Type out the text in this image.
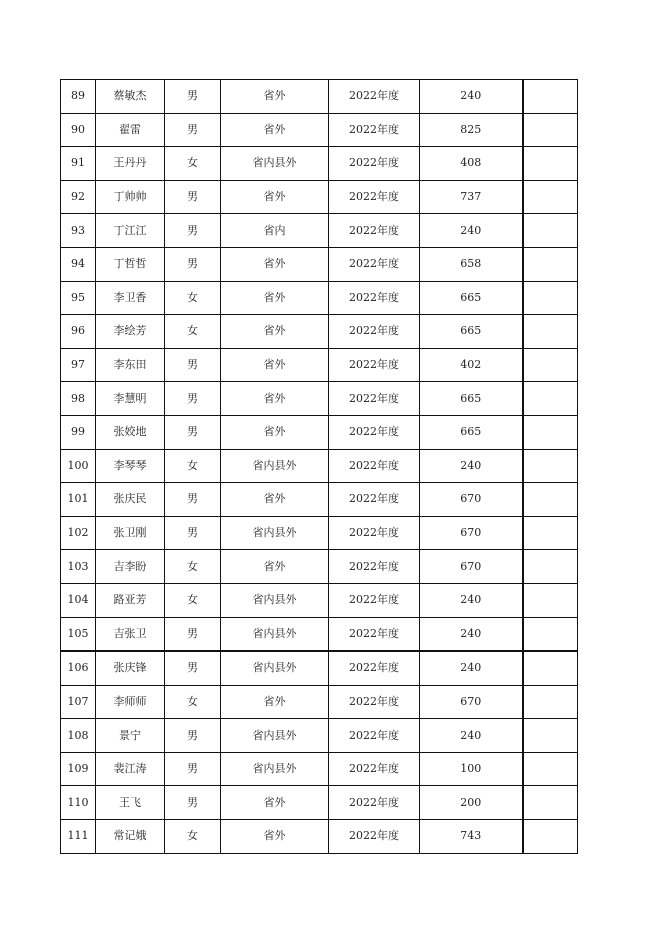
89	蔡敏杰	男	省外	2022年度	240	
90	翟雷	男	省外	2022年度	825	
91	王丹丹	女	省内县外	2022年度	408	
92	丁帅帅	男	省外	2022年度	737	
93	丁江江	男	省内	2022年度	240	
94	丁哲哲	男	省外	2022年度	658	
95	李卫香	女	省外	2022年度	665	
96	李绘芳	女	省外	2022年度	665	
97	李东田	男	省外	2022年度	402	
98	李慧明	男	省外	2022年度	665	
99	张姣地	男	省外	2022年度	665	
100	李琴琴	女	省内县外	2022年度	240	
101	张庆民	男	省外	2022年度	670	
102	张卫刚	男	省内县外	2022年度	670	
103	吉李盼	女	省外	2022年度	670	
104	路亚芳	女	省内县外	2022年度	240	
105	吉张卫	男	省内县外	2022年度	240	
106	张庆锋	男	省内县外	2022年度	240	
107	李师师	女	省外	2022年度	670	
108	景宁	男	省内县外	2022年度	240	
109	裴江涛	男	省内县外	2022年度	100	
110	王飞	男	省外	2022年度	200	
111	常记娥	女	省外	2022年度	743	
